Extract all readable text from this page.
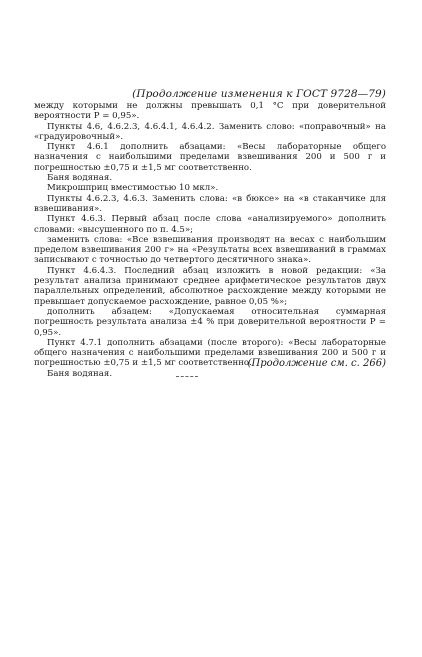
(Продолжение изменения к ГОСТ 9728—79)

между которыми не должны превышать 0,1 °С при доверительной вероятности P = 0,95».

Пункты 4.6, 4.6.2.3, 4.6.4.1, 4.6.4.2. Заменить слово: «поправочный» на «градуировочный».

Пункт 4.6.1 дополнить абзацами: «Весы лабораторные общего назначения с наибольшими пределами взвешивания 200 и 500 г и погрешностью ±0,75 и ±1,5 мг соответственно.

Баня водяная.

Микрошприц вместимостью 10 мкл».

Пункты 4.6.2.3, 4.6.3. Заменить слова: «в бюксе» на «в стаканчике для взвешивания».

Пункт 4.6.3. Первый абзац после слова «анализируемого» дополнить словами: «высушенного по п. 4.5»;

заменить слова: «Все взвешивания производят на весах с наибольшим пределом взвешивания 200 г» на «Результаты всех взвешиваний в граммах записывают с точностью до четвертого десятичного знака».

Пункт 4.6.4.3. Последний абзац изложить в новой редакции: «За результат анализа принимают среднее арифметическое результатов двух параллельных определений, абсолютное расхождение между которыми не превышает допускаемое расхождение, равное 0,05 %»;

дополнить абзацем: «Допускаемая относительная суммарная погрешность результата анализа ±4 % при доверительной вероятности P = 0,95».

Пункт 4.7.1 дополнить абзацами (после второго): «Весы лабораторные общего назначения с наибольшими пределами взвешивания 200 и 500 г и погрешностью ±0,75 и ±1,5 мг соответственно.

Баня водяная.

(Продолжение см. с. 266)
